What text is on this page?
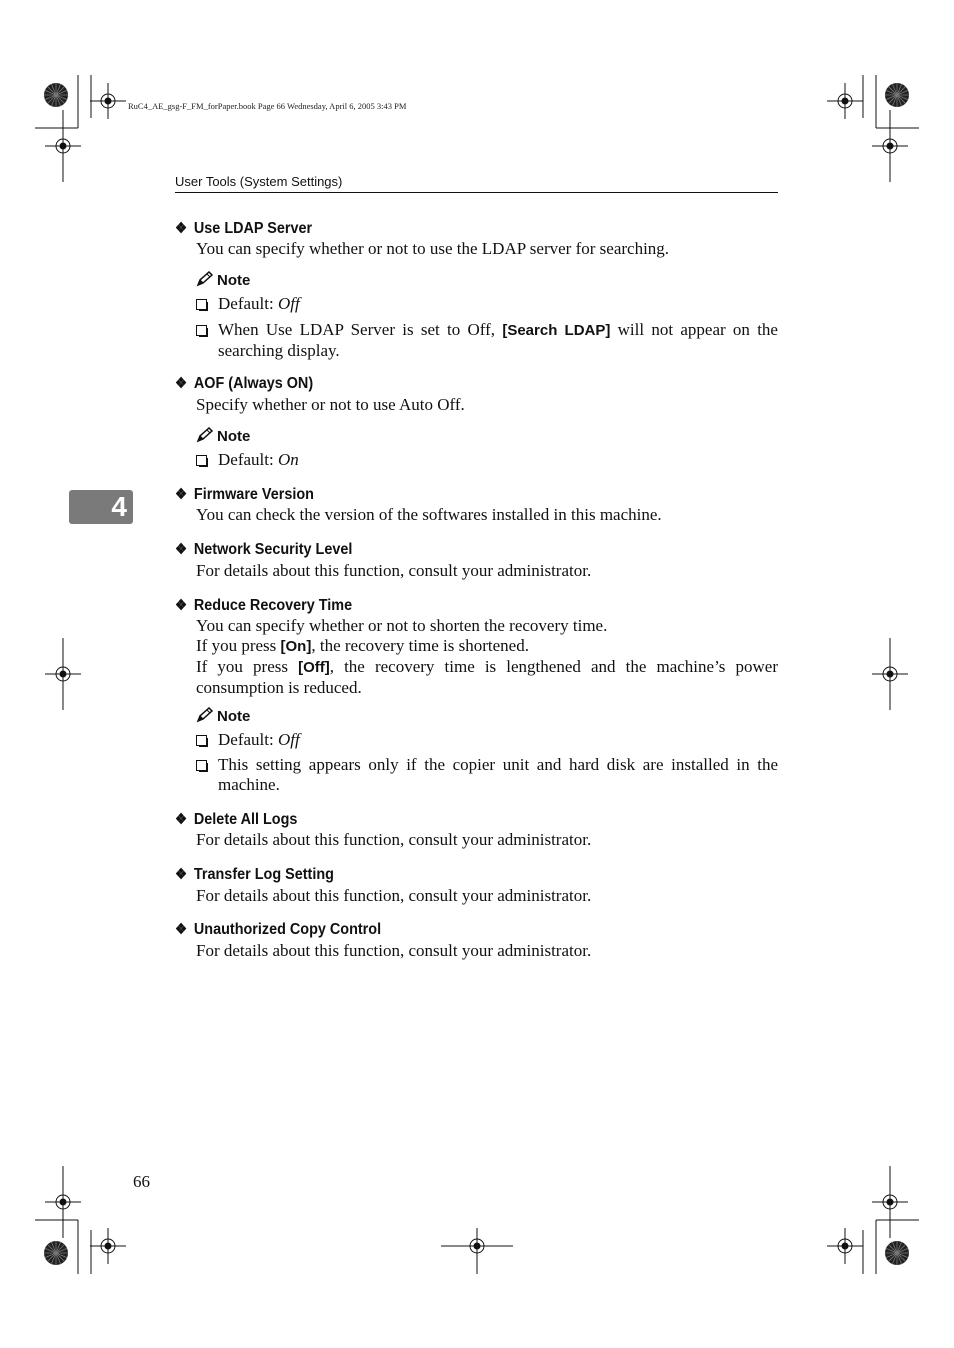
RuC4_AE_gsg-F_FM_forPaper.book Page 66 Wednesday, April 6, 2005 3:43 PM
User Tools (System Settings)
4
❖ Use LDAP Server
You can specify whether or not to use the LDAP server for searching.
Note
Default: Off
When Use LDAP Server is set to Off, [Search LDAP] will not appear on the searching display.
❖ AOF (Always ON)
Specify whether or not to use Auto Off.
Note
Default: On
❖ Firmware Version
You can check the version of the softwares installed in this machine.
❖ Network Security Level
For details about this function, consult your administrator.
❖ Reduce Recovery Time
You can specify whether or not to shorten the recovery time.
If you press [On], the recovery time is shortened.
If you press [Off], the recovery time is lengthened and the machine’s power consumption is reduced.
Note
Default: Off
This setting appears only if the copier unit and hard disk are installed in the machine.
❖ Delete All Logs
For details about this function, consult your administrator.
❖ Transfer Log Setting
For details about this function, consult your administrator.
❖ Unauthorized Copy Control
For details about this function, consult your administrator.
66
